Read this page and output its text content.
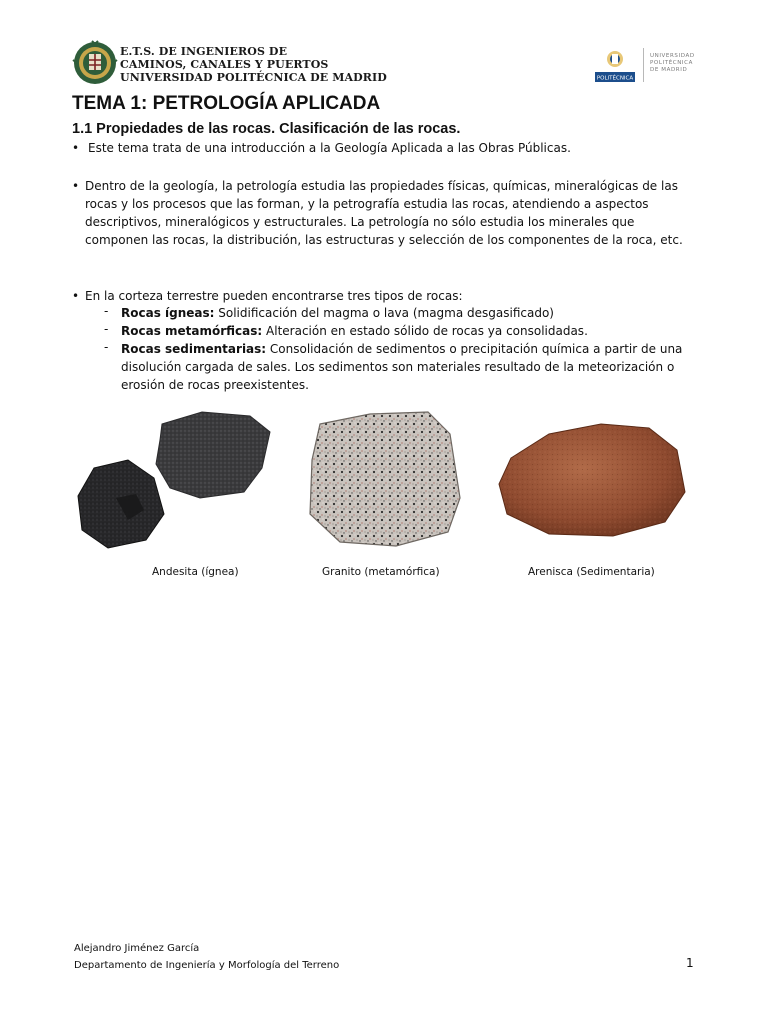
E.T.S. DE INGENIEROS DE
CAMINOS, CANALES Y PUERTOS
UNIVERSIDAD POLITÉCNICA DE MADRID	POLITÉCNICA
UNIVERSIDAD
POLITÉCNICA
DE MADRID
TEMA 1: PETROLOGÍA APLICADA
1.1 Propiedades de las rocas. Clasificación de las rocas.
• Este tema trata de una introducción a la Geología Aplicada a las Obras Públicas.
• Dentro de la geología, la petrología estudia las propiedades físicas, químicas, mineralógicas de las rocas y los procesos que las forman, y la petrografía estudia las rocas, atendiendo a aspectos descriptivos, mineralógicos y estructurales. La petrología no sólo estudia los minerales que componen las rocas, la distribución, las estructuras y selección de los componentes de la roca, etc.
• En la corteza terrestre pueden encontrarse tres tipos de rocas:
- Rocas ígneas: Solidificación del magma o lava (magma desgasificado)
- Rocas metamórficas: Alteración en estado sólido de rocas ya consolidadas.
- Rocas sedimentarias: Consolidación de sedimentos o precipitación química a partir de una disolución cargada de sales. Los sedimentos son materiales resultado de la meteorización o erosión de rocas preexistentes.
Andesita (ígnea)	Granito (metamórfica)	Arenisca (Sedimentaria)
Alejandro Jiménez García
Departamento de Ingeniería y Morfología del Terreno	1
